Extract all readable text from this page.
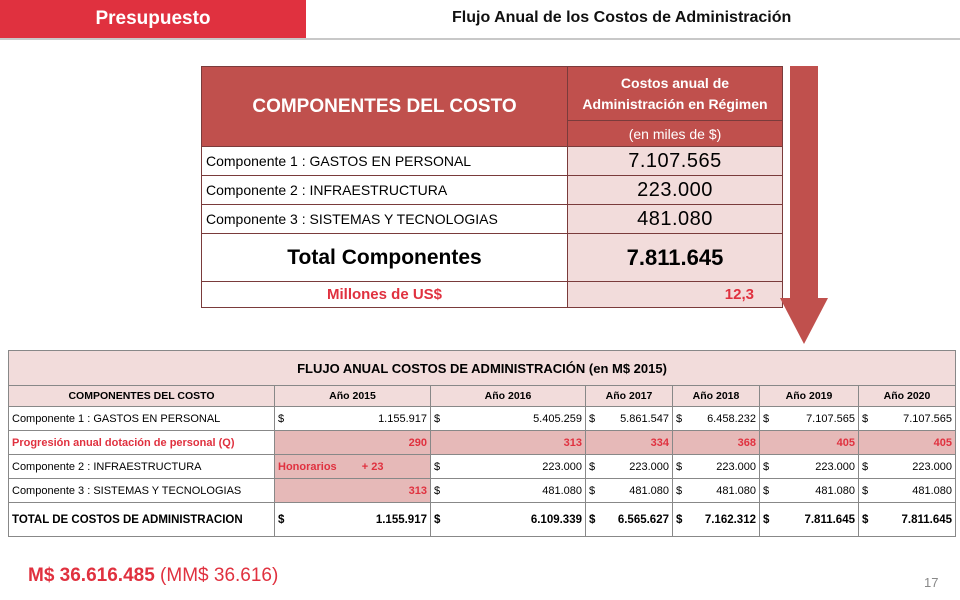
Presupuesto	Flujo Anual de los Costos de Administración
COMPONENTES DEL COSTO	Costos anual de
Administración en Régimen

	(en miles de $)
Componente 1 : GASTOS EN PERSONAL	7.107.565
Componente 2 : INFRAESTRUCTURA	223.000
Componente 3 : SISTEMAS Y TECNOLOGIAS	481.080
Total Componentes	7.811.645
Millones de US$	12,3
FLUJO ANUAL COSTOS DE ADMINISTRACIÓN (en M$ 2015)						
COMPONENTES DEL COSTO	Año 2015	Año 2016	Año 2017	Año 2018	Año 2019	Año 2020
Componente 1 : GASTOS EN PERSONAL	$ 1.155.917	$ 5.405.259	$ 5.861.547	$ 6.458.232	$ 7.107.565	$ 7.107.565

Progresión anual dotación de personal (Q)	290	313	334	368	405	405
Componente 2 : INFRAESTRUCTURA	Honorarios + 23	$ 223.000	$ 223.000	$ 223.000	$ 223.000	$ 223.000

Componente 3 : SISTEMAS Y TECNOLOGIAS	313	$ 481.080	$ 481.080	$ 481.080	$ 481.080	$ 481.080

TOTAL DE COSTOS DE ADMINISTRACION	$ 1.155.917	$ 6.109.339	$ 6.565.627	$ 7.162.312	$ 7.811.645	$ 7.811.645
M$ 36.616.485 (MM$ 36.616)	17
